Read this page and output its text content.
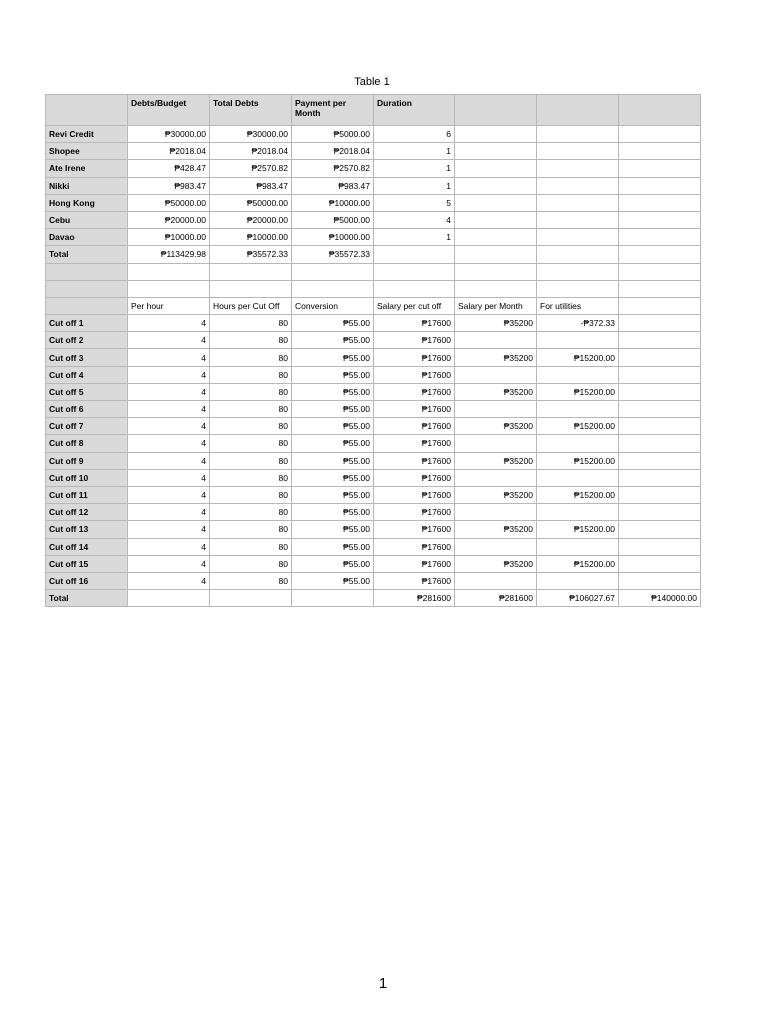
Table 1
	Debts/Budget	Total Debts	Payment per Month	Duration			
Revi Credit	₱30000.00	₱30000.00	₱5000.00	6			
Shopee	₱2018.04	₱2018.04	₱2018.04	1			
Ate Irene	₱428.47	₱2570.82	₱2570.82	1			
Nikki	₱983.47	₱983.47	₱983.47	1			
Hong Kong	₱50000.00	₱50000.00	₱10000.00	5			
Cebu	₱20000.00	₱20000.00	₱5000.00	4			
Davao	₱10000.00	₱10000.00	₱10000.00	1			
Total	₱113429.98	₱35572.33	₱35572.33				

	Per hour	Hours per Cut Off	Conversion	Salary per cut off	Salary per Month	For utilities	
Cut off 1	4	80	₱55.00	₱17600	₱35200	-₱372.33	
Cut off 2	4	80	₱55.00	₱17600			
Cut off 3	4	80	₱55.00	₱17600	₱35200	₱15200.00	
Cut off 4	4	80	₱55.00	₱17600			
Cut off 5	4	80	₱55.00	₱17600	₱35200	₱15200.00	
Cut off 6	4	80	₱55.00	₱17600			
Cut off 7	4	80	₱55.00	₱17600	₱35200	₱15200.00	
Cut off 8	4	80	₱55.00	₱17600			
Cut off 9	4	80	₱55.00	₱17600	₱35200	₱15200.00	
Cut off 10	4	80	₱55.00	₱17600			
Cut off 11	4	80	₱55.00	₱17600	₱35200	₱15200.00	
Cut off 12	4	80	₱55.00	₱17600			
Cut off 13	4	80	₱55.00	₱17600	₱35200	₱15200.00	
Cut off 14	4	80	₱55.00	₱17600			
Cut off 15	4	80	₱55.00	₱17600	₱35200	₱15200.00	
Cut off 16	4	80	₱55.00	₱17600			
Total				₱281600	₱281600	₱106027.67	₱140000.00
1
